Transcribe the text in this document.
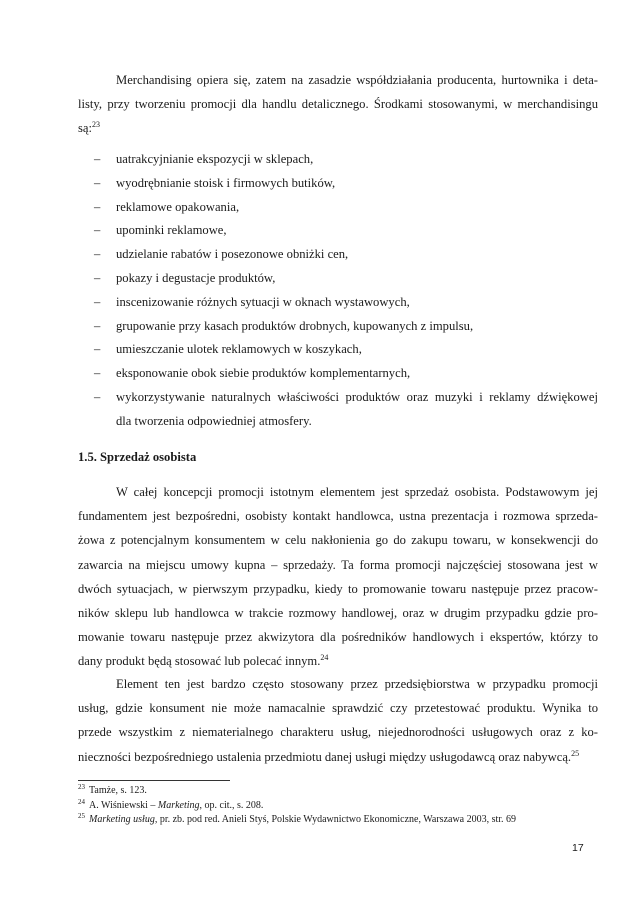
Merchandising opiera się, zatem na zasadzie współdziałania producenta, hurtownika i deta-
listy, przy tworzeniu promocji dla handlu detalicznego. Środkami stosowanymi, w merchandisingu
są:$^{23}$

– uatrakcyjnianie ekspozycji w sklepach,
– wyodrębnianie stoisk i firmowych butików,
– reklamowe opakowania,
– upominki reklamowe,
– udzielanie rabatów i posezonowe obniżki cen,
– pokazy i degustacje produktów,
– inscenizowanie różnych sytuacji w oknach wystawowych,
– grupowanie przy kasach produktów drobnych, kupowanych z impulsu,
– umieszczanie ulotek reklamowych w koszykach,
– eksponowanie obok siebie produktów komplementarnych,
– wykorzystywanie naturalnych właściwości produktów oraz muzyki i reklamy dźwiękowej
dla tworzenia odpowiedniej atmosfery.
1.5. Sprzedaż osobista

W całej koncepcji promocji istotnym elementem jest sprzedaż osobista. Podstawowym jej
fundamentem jest bezpośredni, osobisty kontakt handlowca, ustna prezentacja i rozmowa sprzeda-
żowa z potencjalnym konsumentem w celu nakłonienia go do zakupu towaru, w konsekwencji do
zawarcia na miejscu umowy kupna – sprzedaży. Ta forma promocji najczęściej stosowana jest w
dwóch sytuacjach, w pierwszym przypadku, kiedy to promowanie towaru następuje przez pracow-
ników sklepu lub handlowca w trakcie rozmowy handlowej, oraz w drugim przypadku gdzie pro-
mowanie towaru następuje przez akwizytora dla pośredników handlowych i ekspertów, którzy to
dany produkt będą stosować lub polecać innym.$^{24}$

Element ten jest bardzo często stosowany przez przedsiębiorstwa w przypadku promocji
usług, gdzie konsument nie może namacalnie sprawdzić czy przetestować produktu. Wynika to
przede wszystkim z niematerialnego charakteru usług, niejednorodności usługowych oraz z ko-
nieczności bezpośredniego ustalenia przedmiotu danej usługi między usługodawcą oraz nabywcą.$^{25}$

$^{23}$ Tamże, s. 123.
$^{24}$ A. Wiśniewski – Marketing, op. cit., s. 208.
$^{25}$ Marketing usług, pr. zb. pod red. Anieli Styś, Polskie Wydawnictwo Ekonomiczne, Warszawa 2003, str. 69
17
